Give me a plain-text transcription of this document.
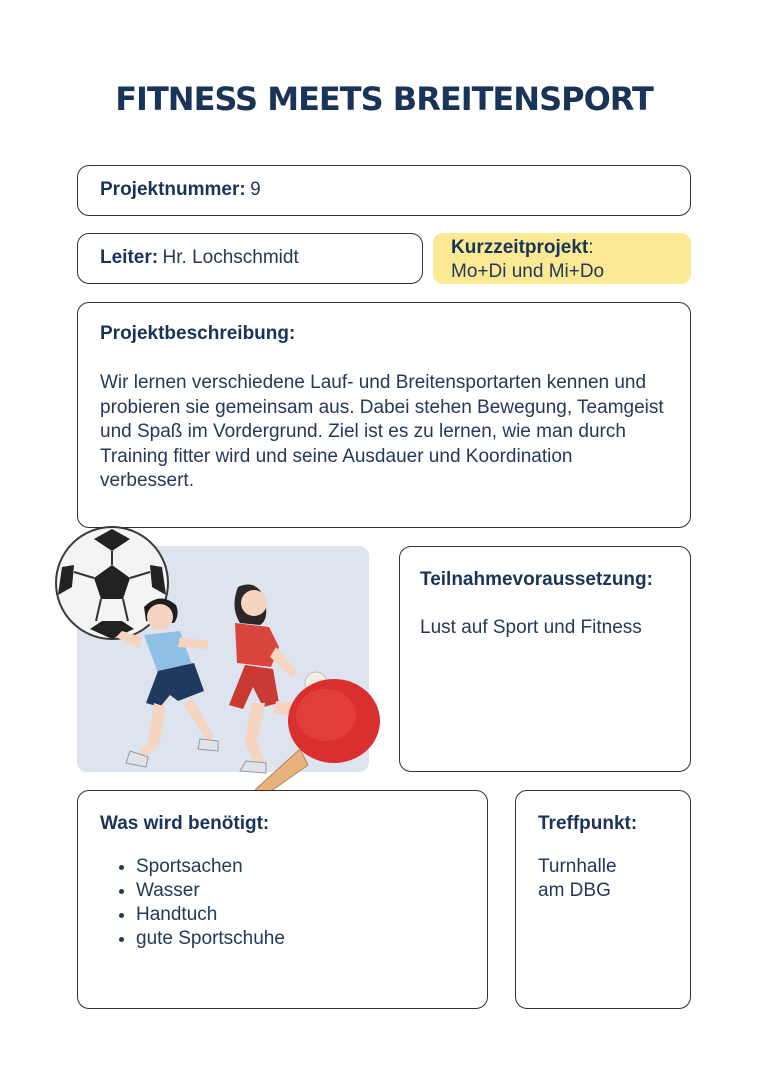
FITNESS MEETS BREITENSPORT
Projektnummer: 9
Leiter: Hr. Lochschmidt	Kurzzeitprojekt:
Mo+Di und Mi+Do
Projektbeschreibung:
Wir lernen verschiedene Lauf- und Breitensportarten kennen und probieren sie gemeinsam aus. Dabei stehen Bewegung, Teamgeist und Spaß im Vordergrund. Ziel ist es zu lernen, wie man durch Training fitter wird und seine Ausdauer und Koordination verbessert.
Teilnahmevoraussetzung:
Lust auf Sport und Fitness
Was wird benötigt:
• Sportsachen
• Wasser
• Handtuch
• gute Sportschuhe
Treffpunkt:
Turnhalle
am DBG
